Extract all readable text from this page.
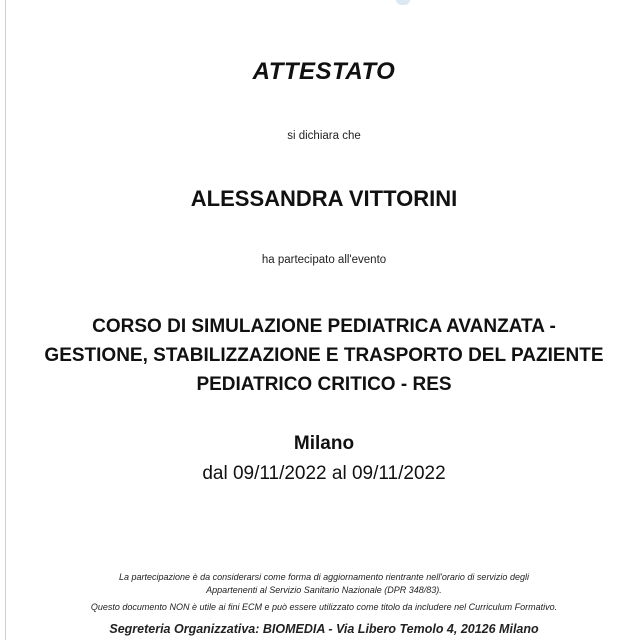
ATTESTATO
si dichiara che
ALESSANDRA VITTORINI
ha partecipato all'evento
CORSO DI SIMULAZIONE PEDIATRICA AVANZATA -
GESTIONE, STABILIZZAZIONE E TRASPORTO DEL PAZIENTE
PEDIATRICO CRITICO - RES
Milano
dal 09/11/2022 al 09/11/2022
La partecipazione è da considerarsi come forma di aggiornamento rientrante nell'orario di servizio degli
Appartenenti al Servizio Sanitario Nazionale (DPR 348/83).
Questo documento NON è utile ai fini ECM e può essere utilizzato come titolo da includere nel Curriculum Formativo.
Segreteria Organizzativa: BIOMEDIA - Via Libero Temolo 4, 20126 Milano
